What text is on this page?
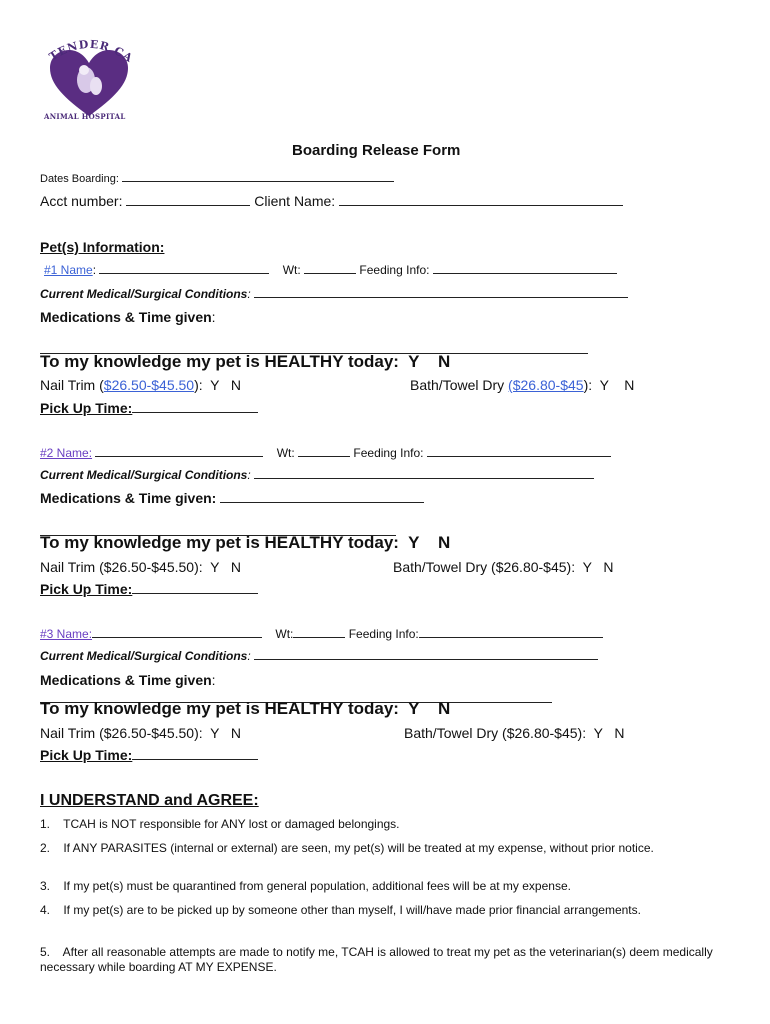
TENDER CA
ANIMAL HOSPITAL
Boarding Release Form
Dates Boarding:
Acct number:	Client Name:
Pet(s) Information:
#1 Name:	Wt:	Feeding Info:
Current Medical/Surgical Conditions:
Medications & Time given:
To my knowledge my pet is HEALTHY today:  Y    N
Nail Trim ($26.50-$45.50):  Y   N	Bath/Towel Dry ($26.80-$45):  Y    N
Pick Up Time:
#2 Name:	Wt:	Feeding Info:
Current Medical/Surgical Conditions:
Medications & Time given:
To my knowledge my pet is HEALTHY today:  Y    N
Nail Trim ($26.50-$45.50):  Y   N	Bath/Towel Dry ($26.80-$45):  Y   N
Pick Up Time:
#3 Name:	Wt:	Feeding Info:
Current Medical/Surgical Conditions:
Medications & Time given:
To my knowledge my pet is HEALTHY today:  Y    N
Nail Trim ($26.50-$45.50):  Y   N	Bath/Towel Dry ($26.80-$45):  Y   N
Pick Up Time:
I UNDERSTAND and AGREE:
1.    TCAH is NOT responsible for ANY lost or damaged belongings.
2.    If ANY PARASITES (internal or external) are seen, my pet(s) will be treated at my expense, without prior notice.
3.    If my pet(s) must be quarantined from general population, additional fees will be at my expense.
4.    If my pet(s) are to be picked up by someone other than myself, I will/have made prior financial arrangements.
5.    After all reasonable attempts are made to notify me, TCAH is allowed to treat my pet as the veterinarian(s) deem medically necessary while boarding AT MY EXPENSE.
